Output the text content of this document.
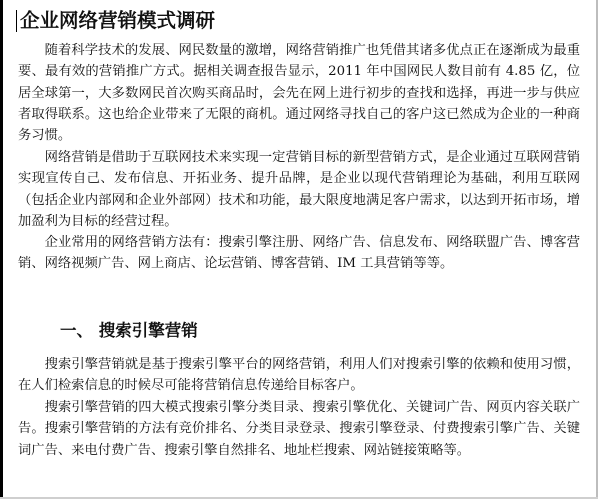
企业网络营销模式调研

随着科学技术的发展、网民数量的激增，网络营销推广也凭借其诸多优点正在逐渐成为最重要、最有效的营销推广方式。据相关调查报告显示，2011 年中国网民人数目前有 4.85 亿，位居全球第一，大多数网民首次购买商品时，会先在网上进行初步的查找和选择，再进一步与供应者取得联系。这也给企业带来了无限的商机。通过网络寻找自己的客户这已然成为企业的一种商务习惯。

网络营销是借助于互联网技术来实现一定营销目标的新型营销方式，是企业通过互联网营销实现宣传自己、发布信息、开拓业务、提升品牌，是企业以现代营销理论为基础，利用互联网（包括企业内部网和企业外部网）技术和功能，最大限度地满足客户需求，以达到开拓市场，增加盈利为目标的经营过程。

企业常用的网络营销方法有：搜索引擎注册、网络广告、信息发布、网络联盟广告、博客营销、网络视频广告、网上商店、论坛营销、博客营销、IM 工具营销等等。

一、 搜索引擎营销

搜索引擎营销就是基于搜索引擎平台的网络营销，利用人们对搜索引擎的依赖和使用习惯，在人们检索信息的时候尽可能将营销信息传递给目标客户。

搜索引擎营销的四大模式搜索引擎分类目录、搜索引擎优化、关键词广告、网页内容关联广告。搜索引擎营销的方法有竞价排名、分类目录登录、搜索引擎登录、付费搜索引擎广告、关键词广告、来电付费广告、搜索引擎自然排名、地址栏搜索、网站链接策略等。
